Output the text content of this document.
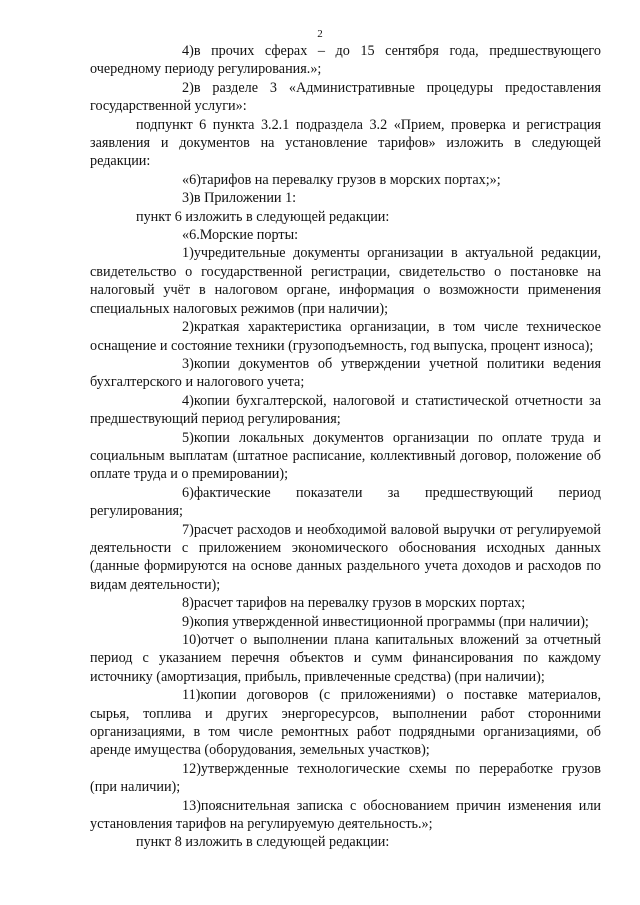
2

4)в прочих сферах – до 15 сентября года, предшествующего очередному периоду регулирования.»;

2)в разделе 3 «Административные процедуры предоставления государственной услуги»:

подпункт 6 пункта 3.2.1 подраздела 3.2 «Прием, проверка и регистрация заявления и документов на установление тарифов» изложить в следующей редакции:

«6)тарифов на перевалку грузов в морских портах;»;

3)в Приложении 1:

пункт 6 изложить в следующей редакции:

«6.Морские порты:

1)учредительные документы организации в актуальной редакции, свидетельство о государственной регистрации, свидетельство о постановке на налоговый учёт в налоговом органе, информация о возможности применения специальных налоговых режимов (при наличии);

2)краткая характеристика организации, в том числе техническое оснащение и состояние техники (грузоподъемность, год выпуска, процент износа);

3)копии документов об утверждении учетной политики ведения бухгалтерского и налогового учета;

4)копии бухгалтерской, налоговой и статистической отчетности за предшествующий период регулирования;

5)копии локальных документов организации по оплате труда и социальным выплатам (штатное расписание, коллективный договор, положение об оплате труда и о премировании);

6)фактические показатели за предшествующий период регулирования;

7)расчет расходов и необходимой валовой выручки от регулируемой деятельности с приложением экономического обоснования исходных данных (данные формируются на основе данных раздельного учета доходов и расходов по видам деятельности);

8)расчет тарифов на перевалку грузов в морских портах;

9)копия утвержденной инвестиционной программы (при наличии);

10)отчет о выполнении плана капитальных вложений за отчетный период с указанием перечня объектов и сумм финансирования по каждому источнику (амортизация, прибыль, привлеченные средства) (при наличии);

11)копии договоров (с приложениями) о поставке материалов, сырья, топлива и других энергоресурсов, выполнении работ сторонними организациями, в том числе ремонтных работ подрядными организациями, об аренде имущества (оборудования, земельных участков);

12)утвержденные технологические схемы по переработке грузов (при наличии);

13)пояснительная записка с обоснованием причин изменения или установления тарифов на регулируемую деятельность.»;

пункт 8 изложить в следующей редакции:
